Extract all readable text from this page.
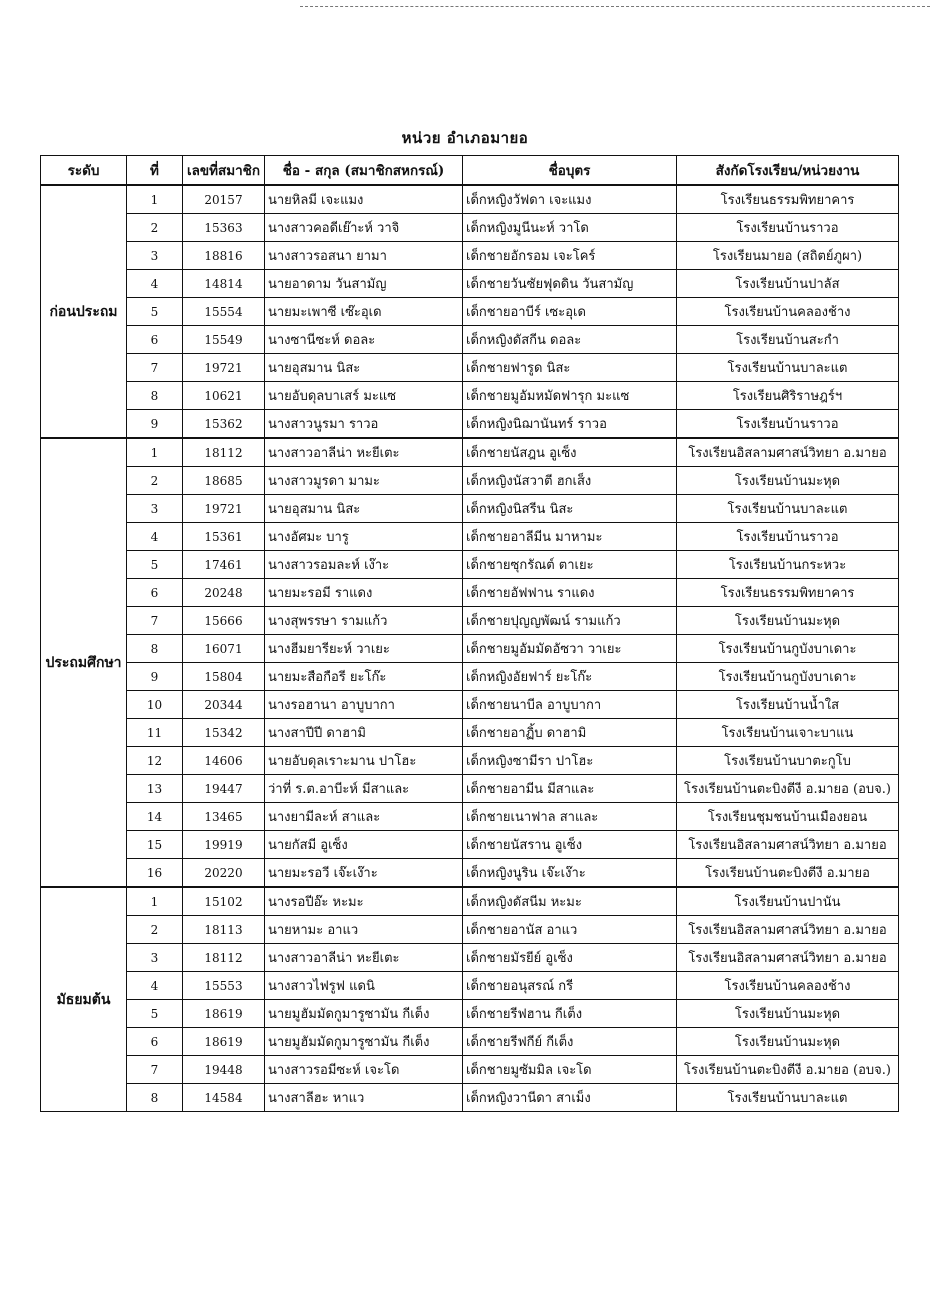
หน่วย อำเภอมายอ
ระดับ	ที่	เลขที่สมาชิก	ชื่อ - สกุล (สมาชิกสหกรณ์)	ชื่อบุตร	สังกัดโรงเรียน/หน่วยงาน
ก่อนประถม	1	20157	นายหิลมี เจะแมง	เด็กหญิงวัฟดา เจะแมง	โรงเรียนธรรมพิทยาคาร
	2	15363	นางสาวคอดีเย๊าะห์ วาจิ	เด็กหญิงมูนีนะห์ วาโด	โรงเรียนบ้านราวอ
	3	18816	นางสาวรอสนา ยามา	เด็กชายอักรอม เจะโคร์	โรงเรียนมายอ (สถิตย์ภูผา)
	4	14814	นายอาดาม วันสามัญ	เด็กชายวันซัยฟุดดิน วันสามัญ	โรงเรียนบ้านปาลัส
	5	15554	นายมะเพาซี เซ๊ะอุเด	เด็กชายอาบีร์ เซะอุเด	โรงเรียนบ้านคลองช้าง
	6	15549	นางซานีซะห์ ดอละ	เด็กหญิงดัสกีน ดอละ	โรงเรียนบ้านสะกำ
	7	19721	นายอุสมาน นิสะ	เด็กชายฟารูด นิสะ	โรงเรียนบ้านบาละแต
	8	10621	นายอับดุลบาเสร์ มะแซ	เด็กชายมูอัมหมัดฟารุก มะแซ	โรงเรียนศิริราษฎร์ฯ
	9	15362	นางสาวนูรมา ราวอ	เด็กหญิงนิฌานันทร์ ราวอ	โรงเรียนบ้านราวอ
ประถมศึกษา	1	18112	นางสาวอาลีน่า หะยีเตะ	เด็กชายนัสฎน อูเซ็ง	โรงเรียนอิสลามศาสน์วิทยา อ.มายอ
	2	18685	นางสาวมูรดา มามะ	เด็กหญิงนัสวาตี ฮกเส็ง	โรงเรียนบ้านมะหุด
	3	19721	นายอุสมาน นิสะ	เด็กหญิงนิสรีน นิสะ	โรงเรียนบ้านบาละแต
	4	15361	นางอัศมะ บารู	เด็กชายอาลีมีน มาหามะ	โรงเรียนบ้านราวอ
	5	17461	นางสาวรอมละห์ เง๊าะ	เด็กชายซุกรัณต์ ตาเยะ	โรงเรียนบ้านกระหวะ
	6	20248	นายมะรอมี ราแดง	เด็กชายอัฟฟาน ราแดง	โรงเรียนธรรมพิทยาคาร
	7	15666	นางสุพรรษา รามแก้ว	เด็กชายปุญญพัฒน์ รามแก้ว	โรงเรียนบ้านมะหุด
	8	16071	นางฮีมยารียะห์ วาเยะ	เด็กชายมูอัมมัดอัซวา วาเยะ	โรงเรียนบ้านกูบังบาเดาะ
	9	15804	นายมะสือกือรี ยะโก๊ะ	เด็กหญิงอัยฟาร์ ยะโก๊ะ	โรงเรียนบ้านกูบังบาเดาะ
	10	20344	นางรอฮานา อาบูบากา	เด็กชายนาบีล อาบูบากา	โรงเรียนบ้านน้ำใส
	11	15342	นางสาปีปี ดาฮามิ	เด็กชายอาฏิ้บ ดาฮามิ	โรงเรียนบ้านเจาะบาแน
	12	14606	นายอับดุลเราะมาน ปาโฮะ	เด็กหญิงซามีรา ปาโฮะ	โรงเรียนบ้านบาตะกูโบ
	13	19447	ว่าที่ ร.ต.อาบีะห์ มีสาและ	เด็กชายอามีน มีสาและ	โรงเรียนบ้านตะบิงตีงี อ.มายอ (อบจ.)
	14	13465	นางยามีละห์ สาและ	เด็กชายเนาฟาล สาและ	โรงเรียนชุมชนบ้านเมืองยอน
	15	19919	นายกัสมี อูเซ็ง	เด็กชายนัสราน อูเซ็ง	โรงเรียนอิสลามศาสน์วิทยา อ.มายอ
	16	20220	นายมะรอวี เจ๊ะเง๊าะ	เด็กหญิงนูริน เจ๊ะเง๊าะ	โรงเรียนบ้านตะบิงตีงี อ.มายอ
มัธยมต้น	1	15102	นางรอปีอ๊ะ หะมะ	เด็กหญิงดัสนีม หะมะ	โรงเรียนบ้านปานัน
	2	18113	นายหามะ อาแว	เด็กชายอานัส อาแว	โรงเรียนอิสลามศาสน์วิทยา อ.มายอ
	3	18112	นางสาวอาลีน่า หะยีเตะ	เด็กชายมัรยีย์ อูเซ็ง	โรงเรียนอิสลามศาสน์วิทยา อ.มายอ
	4	15553	นางสาวไฟรูฟ แดนิ	เด็กชายอนุสรณ์ กรี	โรงเรียนบ้านคลองช้าง
	5	18619	นายมูฮัมมัดกูมารูซามัน กีเต็ง	เด็กชายรีฟฮาน กีเต็ง	โรงเรียนบ้านมะหุด
	6	18619	นายมูฮัมมัดกูมารูซามัน กีเต็ง	เด็กชายรีฟกีย์ กีเต็ง	โรงเรียนบ้านมะหุด
	7	19448	นางสาวรอมีซะห์ เจะโด	เด็กชายมูซัมมิล เจะโด	โรงเรียนบ้านตะบิงตีงี อ.มายอ (อบจ.)
	8	14584	นางสาลีฮะ หาแว	เด็กหญิงวานีดา สาเม็ง	โรงเรียนบ้านบาละแต
